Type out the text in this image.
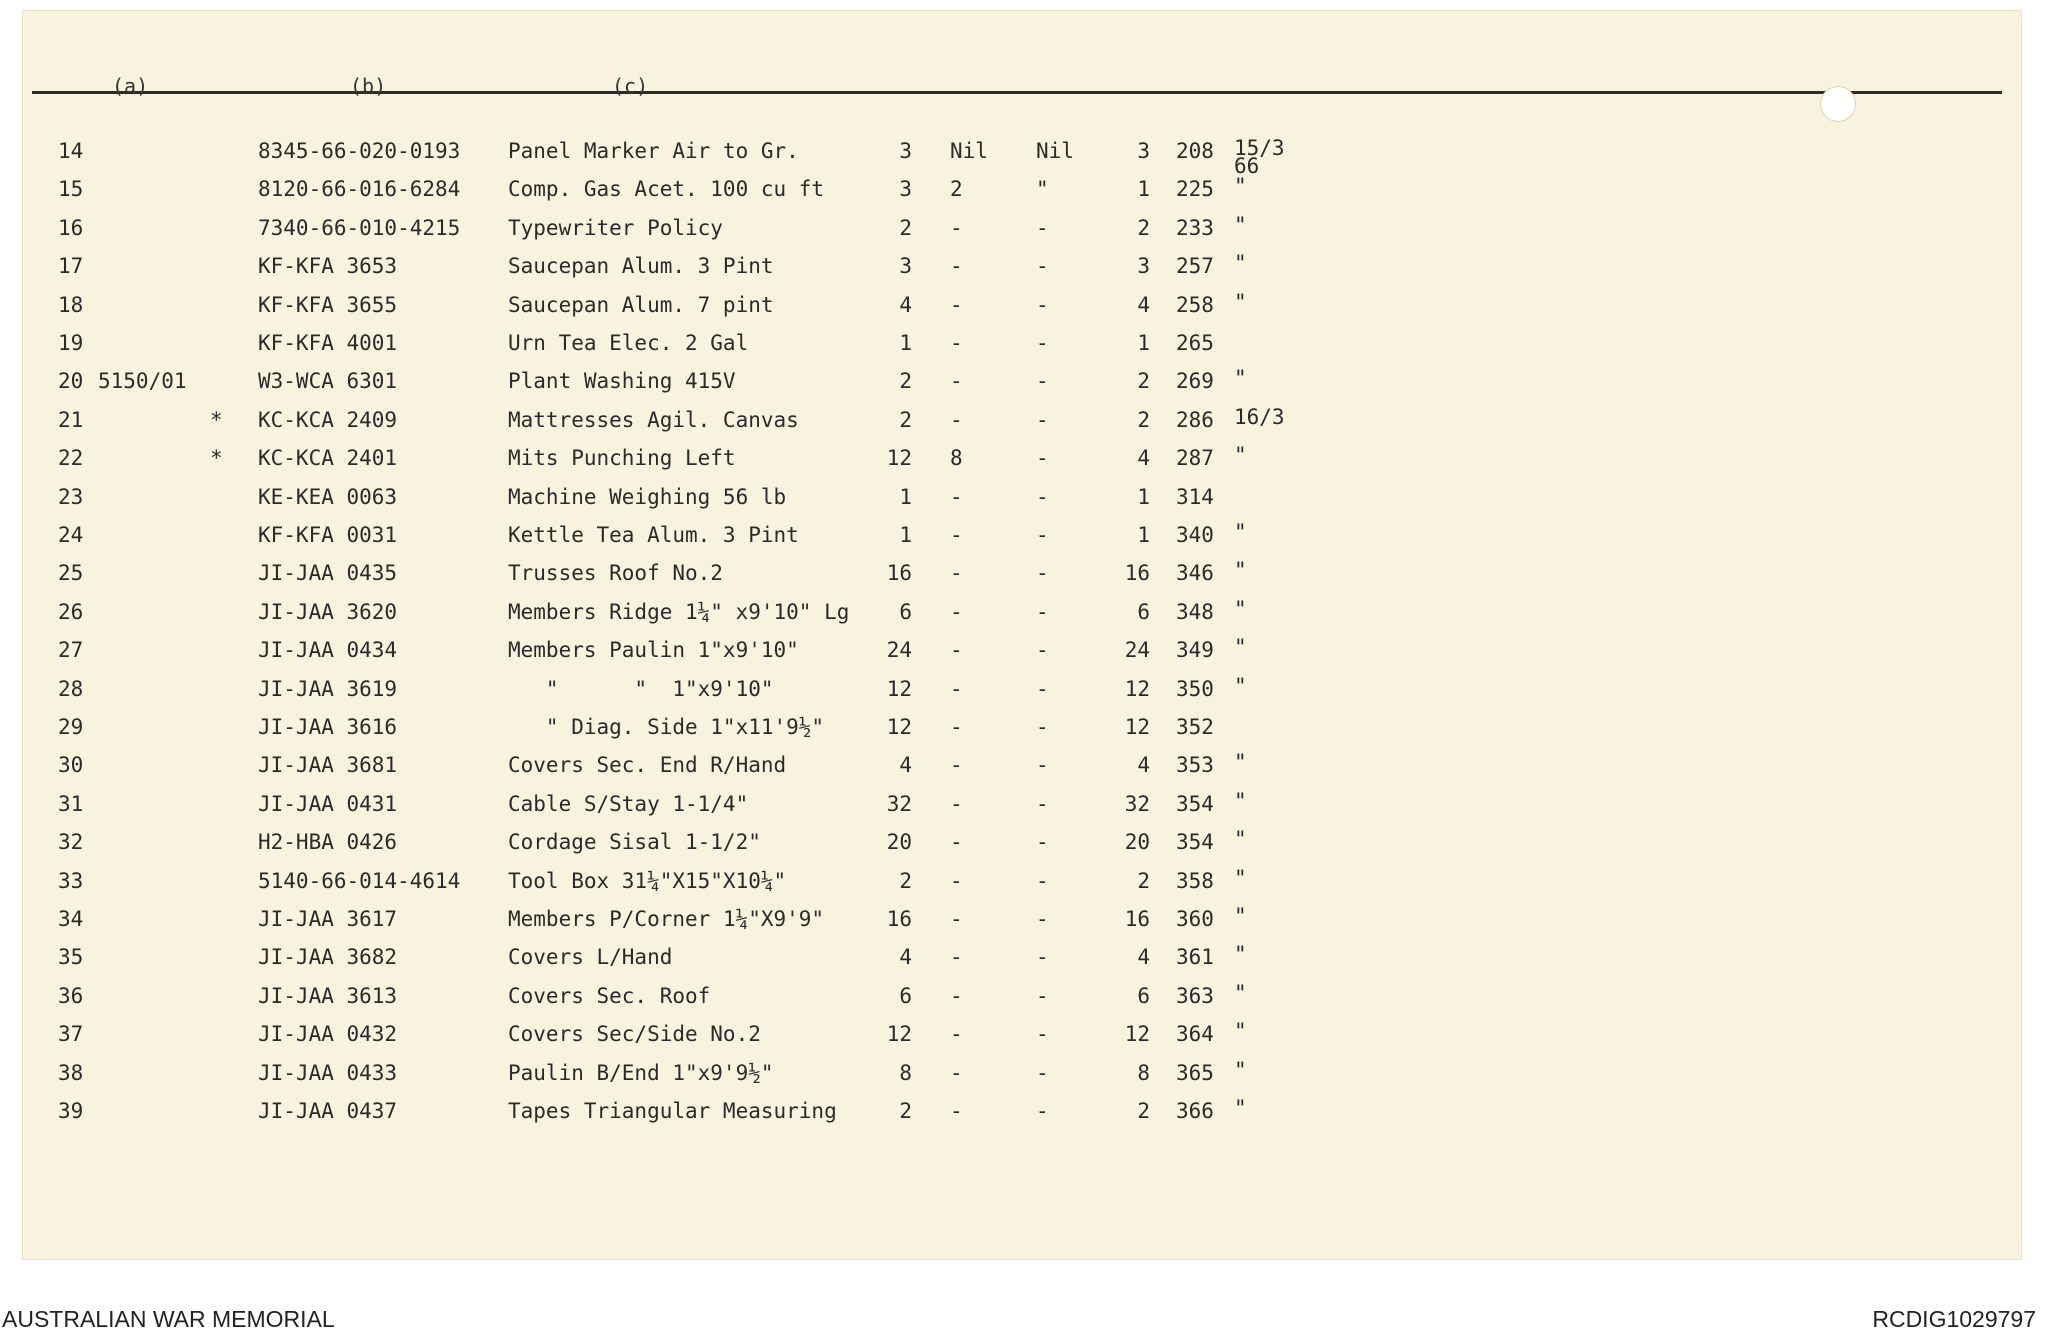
(a)	(b)	(c)
14	8345-66-020-0193 Panel Marker Air to Gr.	3 Nil Nil	3 208 15/3
66
15	8120-66-016-6284 Comp. Gas Acet. 100 cu ft	3 2	"	1 225 "
16	7340-66-010-4215 Typewriter Policy	2 -	-	2 233 "
17	KF-KFA 3653	Saucepan Alum. 3 Pint	3 -	-	3 257 "
18	KF-KFA 3655	Saucepan Alum. 7 pint	4 -	-	4 258 "
19	KF-KFA 4001	Urn Tea Elec. 2 Gal	1 -	-	1 265
20 5150/01	W3-WCA 6301	Plant Washing 415V	2 -	-	2 269 "
21	* KC-KCA 2409	Mattresses Agil. Canvas	2 -	-	2 286 16/3
22	* KC-KCA 2401	Mits Punching Left	12 8	-	4 287 "
23	KE-KEA 0063	Machine Weighing 56 lb	1 -	-	1 314
24	KF-KFA 0031	Kettle Tea Alum. 3 Pint	1 -	-	1 340 "
25	JI-JAA 0435	Trusses Roof No.2	16 -	-	16 346 "
26	JI-JAA 3620	Members Ridge 1¼" x9'10" Lg	6 -	-	6 348 "
27	JI-JAA 0434	Members Paulin 1"x9'10"	24 -	-	24 349 "
28	JI-JAA 3619	"      "  1"x9'10"	12 -	-	12 350 "
29	JI-JAA 3616	" Diag. Side 1"x11'9½"	12 -	-	12 352
30	JI-JAA 3681	Covers Sec. End R/Hand	4 -	-	4 353 "
31	JI-JAA 0431	Cable S/Stay 1-1/4"	32 -	-	32 354 "
32	H2-HBA 0426	Cordage Sisal 1-1/2"	20 -	-	20 354 "
33	5140-66-014-4614 Tool Box 31¼"X15"X10¼"	2 -	-	2 358 "
34	JI-JAA 3617	Members P/Corner 1¼"X9'9"	16 -	-	16 360 "
35	JI-JAA 3682	Covers L/Hand	4 -	-	4 361 "
36	JI-JAA 3613	Covers Sec. Roof	6 -	-	6 363 "
37	JI-JAA 0432	Covers Sec/Side No.2	12 -	-	12 364 "
38	JI-JAA 0433	Paulin B/End 1"x9'9½"	8 -	-	8 365 "
39	JI-JAA 0437	Tapes Triangular Measuring	2 -	-	2 366 "
AUSTRALIAN WAR MEMORIAL	RCDIG1029797
